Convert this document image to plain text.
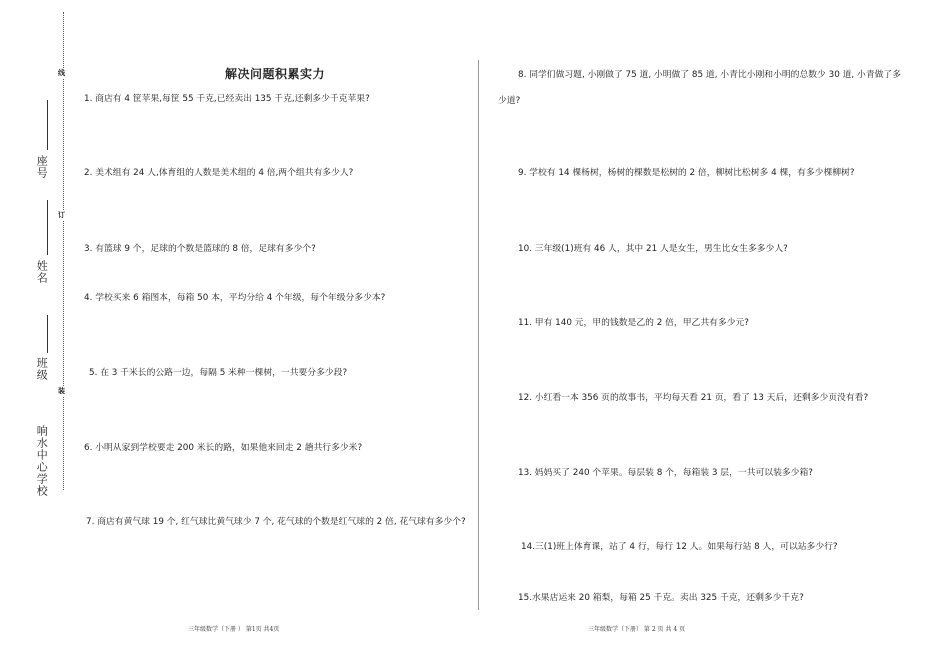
线
订
装
座号
姓名
班级
响水中心学校
解决问题积累实力
1. 商店有 4 筐苹果,每筐 55 千克,已经卖出 135 千克,还剩多少千克苹果?
2. 美术组有 24 人,体育组的人数是美术组的 4 倍,两个组共有多少人?
3. 有篮球 9 个，足球的个数是篮球的 8 倍，足球有多少个?
4. 学校买来 6 箱图本，每箱 50 本，平均分给 4 个年级，每个年级分多少本?
5. 在 3 千米长的公路一边，每隔 5 米种一棵树，一共要分多少段?
6. 小明从家到学校要走 200 米长的路，如果他来回走 2 趟共行多少米?
7. 商店有黄气球 19 个, 红气球比黄气球少 7 个, 花气球的个数是红气球的 2 倍, 花气球有多少个?
8. 同学们做习题, 小刚做了 75 道, 小明做了 85 道, 小青比小刚和小明的总数少 30 道, 小青做了多少道?
9. 学校有 14 棵杨树，杨树的棵数是松树的 2 倍，柳树比松树多 4 棵，有多少棵柳树?
10. 三年级(1)班有 46 人，其中 21 人是女生，男生比女生多多少人?
11. 甲有 140 元，甲的钱数是乙的 2 倍，甲乙共有多少元?
12. 小红看一本 356 页的故事书，平均每天看 21 页，看了 13 天后，还剩多少页没有看?
13. 妈妈买了 240 个苹果。每层装 8 个，每箱装 3 层，一共可以装多少箱?
14.三(1)班上体育课，站了 4 行，每行 12 人。如果每行站 8 人，可以站多少行?
15.水果店运来 20 箱梨，每箱 25 千克。卖出 325 千克，还剩多少千克?
三年级数学（下册 ） 第1页 共4页	三年级数学（下册） 第 2 页 共 4 页
